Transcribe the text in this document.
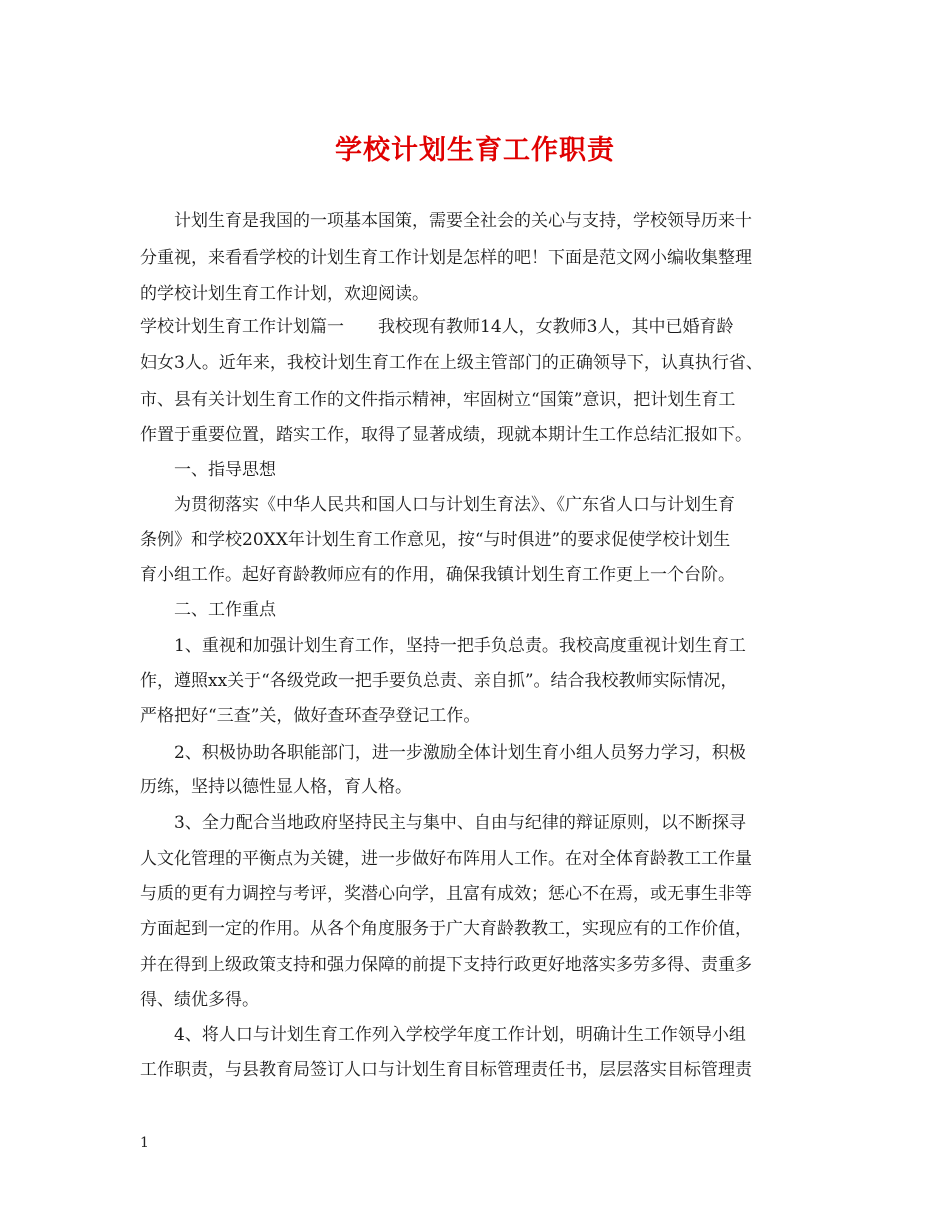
学校计划生育工作职责
　　计划生育是我国的一项基本国策，需要全社会的关心与支持，学校领导历来十
分重视，来看看学校的计划生育工作计划是怎样的吧！下面是范文网小编收集整理
的学校计划生育工作计划，欢迎阅读。
学校计划生育工作计划篇一　　我校现有教师14人，女教师3人，其中已婚育龄
妇女3人。近年来，我校计划生育工作在上级主管部门的正确领导下，认真执行省、
市、县有关计划生育工作的文件指示精神，牢固树立“国策”意识，把计划生育工
作置于重要位置，踏实工作，取得了显著成绩，现就本期计生工作总结汇报如下。
　　一、指导思想
　　为贯彻落实《中华人民共和国人口与计划生育法》、《广东省人口与计划生育
条例》和学校20XX年计划生育工作意见，按“与时俱进”的要求促使学校计划生
育小组工作。起好育龄教师应有的作用，确保我镇计划生育工作更上一个台阶。
　　二、工作重点
　　1、重视和加强计划生育工作，坚持一把手负总责。我校高度重视计划生育工
作，遵照xx关于“各级党政一把手要负总责、亲自抓”。结合我校教师实际情况，
严格把好“三查”关，做好查环查孕登记工作。
　　2、积极协助各职能部门，进一步激励全体计划生育小组人员努力学习，积极
历练，坚持以德性显人格，育人格。
　　3、全力配合当地政府坚持民主与集中、自由与纪律的辩证原则，以不断探寻
人文化管理的平衡点为关键，进一步做好布阵用人工作。在对全体育龄教工工作量
与质的更有力调控与考评，奖潜心向学，且富有成效；惩心不在焉，或无事生非等
方面起到一定的作用。从各个角度服务于广大育龄教教工，实现应有的工作价值，
并在得到上级政策支持和强力保障的前提下支持行政更好地落实多劳多得、责重多
得、绩优多得。
　　4、将人口与计划生育工作列入学校学年度工作计划，明确计生工作领导小组
工作职责，与县教育局签订人口与计划生育目标管理责任书，层层落实目标管理责
1
